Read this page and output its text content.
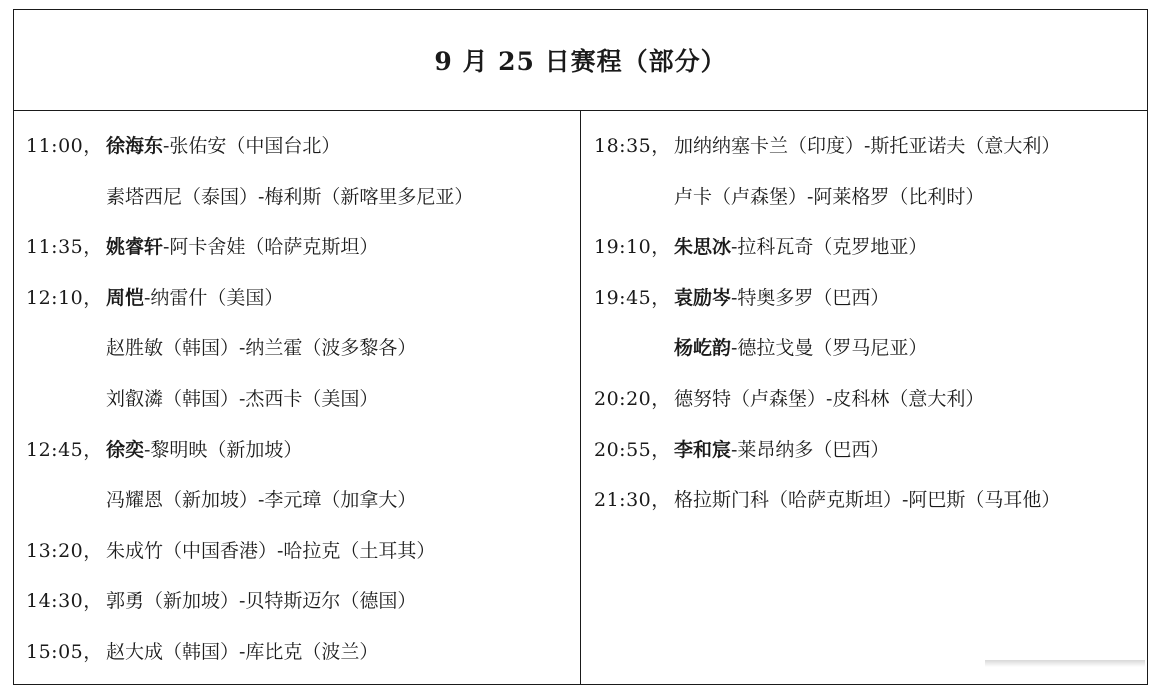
9 月 25 日赛程（部分）
11:00， 徐海东-张佑安（中国台北）
素塔西尼（泰国）-梅利斯（新喀里多尼亚）
11:35， 姚睿轩-阿卡舍娃（哈萨克斯坦）
12:10， 周恺-纳雷什（美国）
赵胜敏（韩国）-纳兰霍（波多黎各）
刘叡潾（韩国）-杰西卡（美国）
12:45， 徐奕-黎明映（新加坡）
冯耀恩（新加坡）-李元璋（加拿大）
13:20， 朱成竹（中国香港）-哈拉克（土耳其）
14:30， 郭勇（新加坡）-贝特斯迈尔（德国）
15:05， 赵大成（韩国）-库比克（波兰）
18:35， 加纳纳塞卡兰（印度）-斯托亚诺夫（意大利）
卢卡（卢森堡）-阿莱格罗（比利时）
19:10， 朱思冰-拉科瓦奇（克罗地亚）
19:45， 袁励岑-特奥多罗（巴西）
杨屹韵-德拉戈曼（罗马尼亚）
20:20， 德努特（卢森堡）-皮科林（意大利）
20:55， 李和宸-莱昂纳多（巴西）
21:30， 格拉斯门科（哈萨克斯坦）-阿巴斯（马耳他）
